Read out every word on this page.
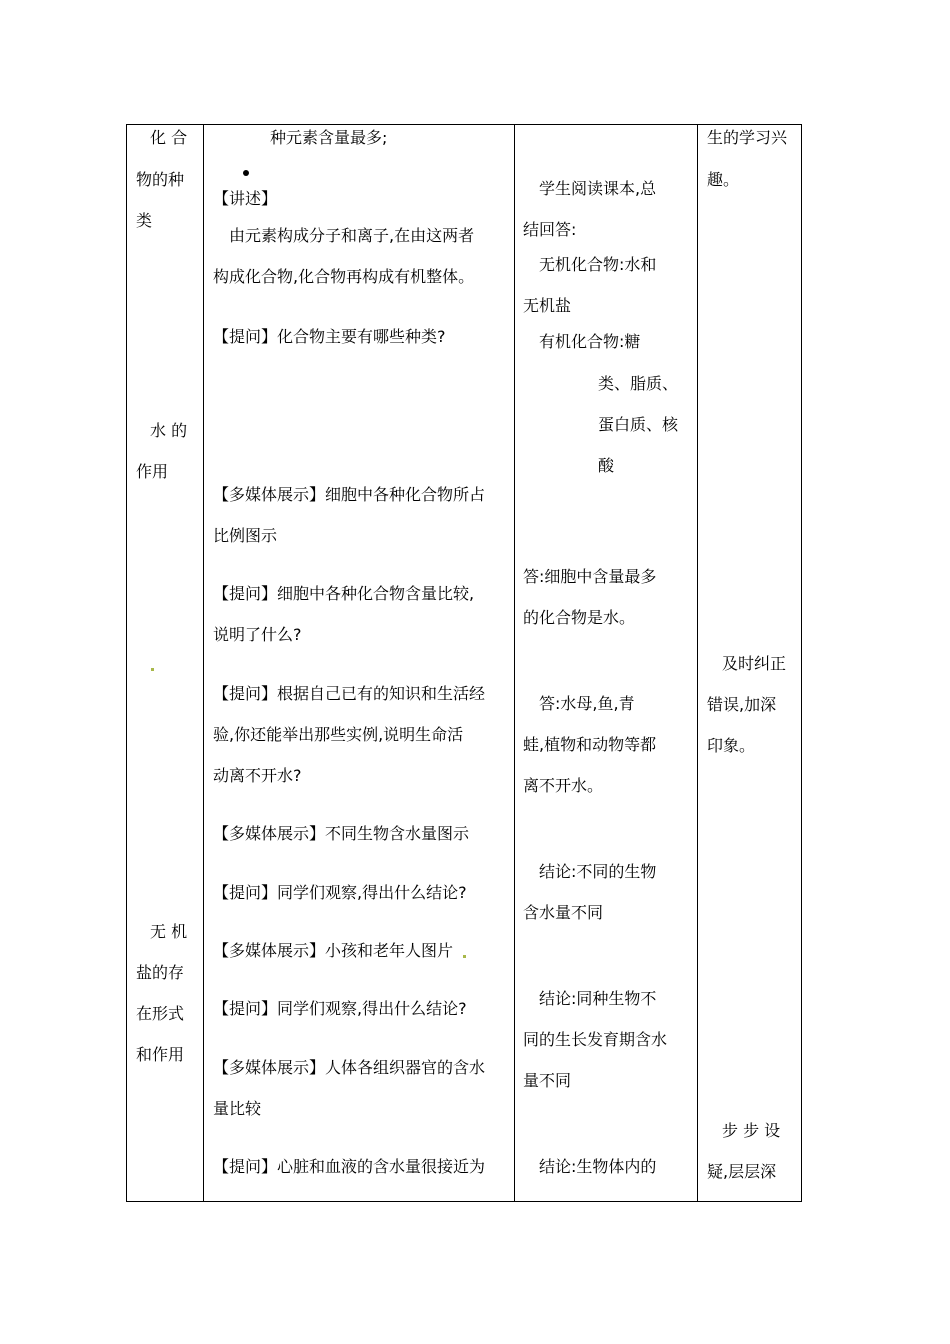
化 合
物的种
类
水 的
作用
无 机
盐的存
在形式
和作用
种元素含量最多;
【讲述】
由元素构成分子和离子,在由这两者
构成化合物,化合物再构成有机整体。
【提问】化合物主要有哪些种类?
【多媒体展示】细胞中各种化合物所占
比例图示
【提问】细胞中各种化合物含量比较,
说明了什么?
【提问】根据自己已有的知识和生活经
验,你还能举出那些实例,说明生命活
动离不开水?
【多媒体展示】不同生物含水量图示
【提问】同学们观察,得出什么结论?
【多媒体展示】小孩和老年人图片
【提问】同学们观察,得出什么结论?
【多媒体展示】人体各组织器官的含水
量比较
【提问】心脏和血液的含水量很接近为
学生阅读课本,总
结回答:
无机化合物:水和
无机盐
有机化合物:糖
类、脂质、
蛋白质、核
酸
答:细胞中含量最多
的化合物是水。
答:水母,鱼,青
蛙,植物和动物等都
离不开水。
结论:不同的生物
含水量不同
结论:同种生物不
同的生长发育期含水
量不同
结论:生物体内的
生的学习兴
趣。
及时纠正
错误,加深
印象。
步 步 设
疑,层层深
